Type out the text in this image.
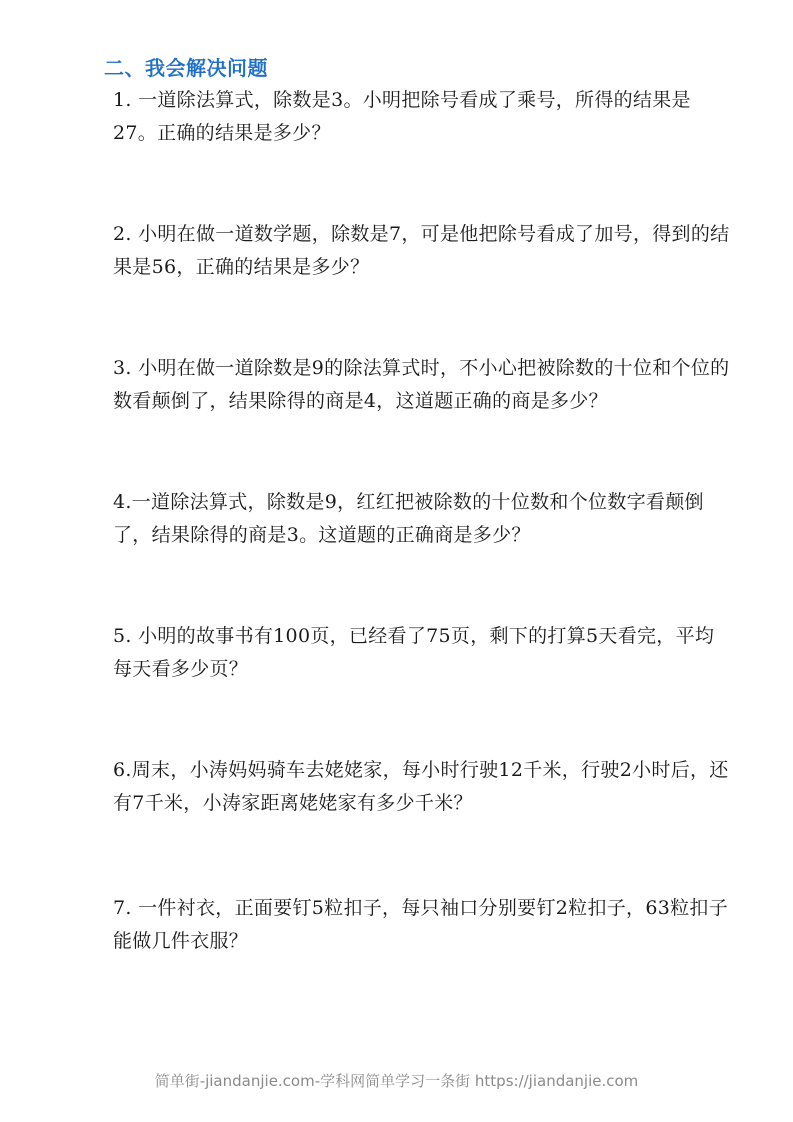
二、我会解决问题
1. 一道除法算式，除数是3。小明把除号看成了乘号，所得的结果是27。正确的结果是多少？
2. 小明在做一道数学题，除数是7，可是他把除号看成了加号，得到的结果是56，正确的结果是多少？
3. 小明在做一道除数是9的除法算式时，不小心把被除数的十位和个位的数看颠倒了，结果除得的商是4，这道题正确的商是多少？
4.一道除法算式，除数是9，红红把被除数的十位数和个位数字看颠倒了，结果除得的商是3。这道题的正确商是多少？
5. 小明的故事书有100页，已经看了75页，剩下的打算5天看完，平均每天看多少页？
6.周末，小涛妈妈骑车去姥姥家，每小时行驶12千米，行驶2小时后，还有7千米，小涛家距离姥姥家有多少千米？
7. 一件衬衣，正面要钉5粒扣子，每只袖口分别要钉2粒扣子，63粒扣子能做几件衣服？
简单街-jiandanjie.com-学科网简单学习一条街 https://jiandanjie.com
